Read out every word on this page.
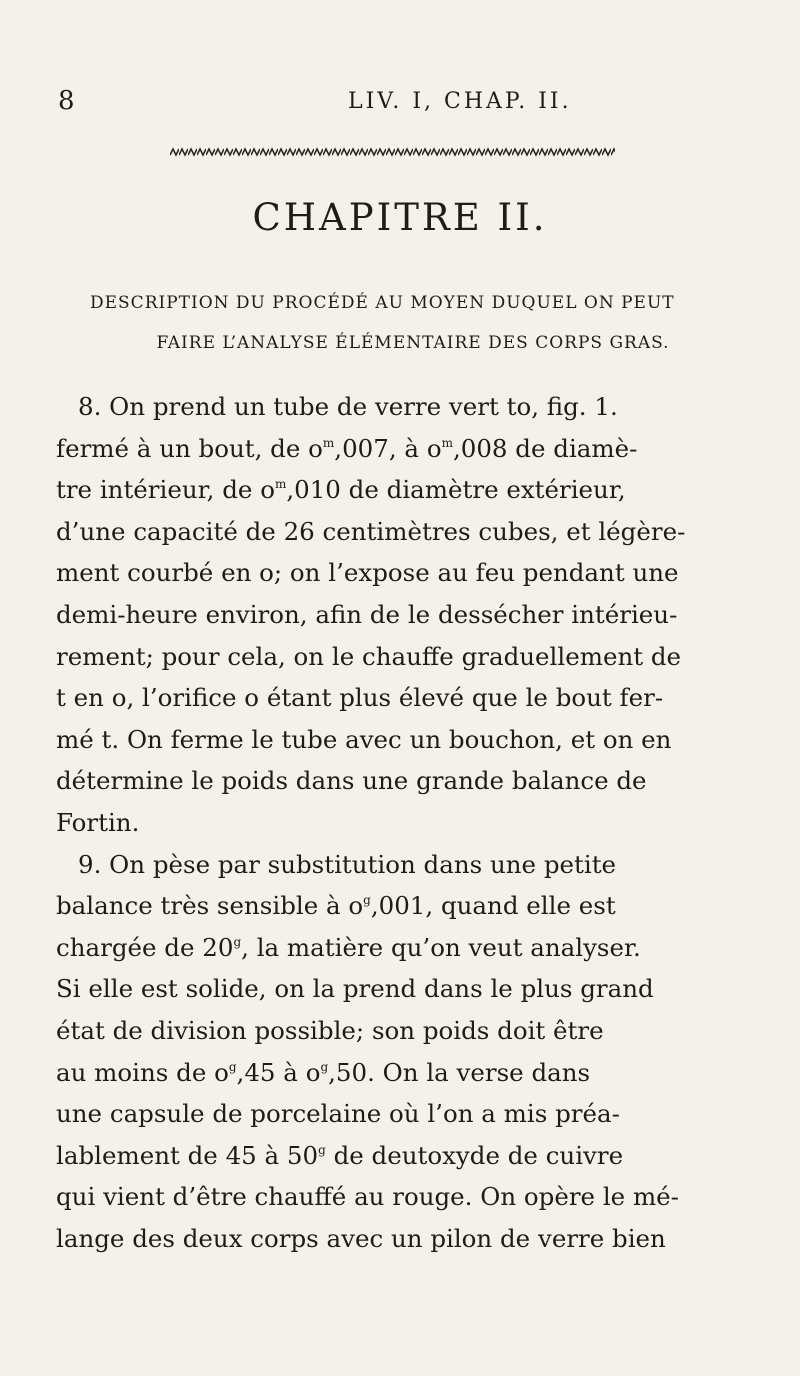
8	LIV. I, CHAP. II.
CHAPITRE II.
DESCRIPTION DU PROCÉDÉ AU MOYEN DUQUEL ON PEUT
FAIRE L’ANALYSE ÉLÉMENTAIRE DES CORPS GRAS.
8. On prend un tube de verre vert to, fig. 1.
fermé à un bout, de $o^m,007$, à $o^m,008$ de diamè-
tre intérieur, de $o^m,010$ de diamètre extérieur,
d’une capacité de 26 centimètres cubes, et légère-
ment courbé en o; on l’expose au feu pendant une
demi-heure environ, afin de le dessécher intérieu-
rement; pour cela, on le chauffe graduellement de
t en o, l’orifice o étant plus élevé que le bout fer-
mé t. On ferme le tube avec un bouchon, et on en
détermine le poids dans une grande balance de
Fortin.
9. On pèse par substitution dans une petite
balance très sensible à $o^g,001$, quand elle est
chargée de 20$^g$, la matière qu’on veut analyser.
Si elle est solide, on la prend dans le plus grand
état de division possible; son poids doit être
au moins de $o^g,45$ à $o^g,50$. On la verse dans
une capsule de porcelaine où l’on a mis préa-
lablement de 45 à 50$^g$ de deutoxyde de cuivre
qui vient d’être chauffé au rouge. On opère le mé-
lange des deux corps avec un pilon de verre bien
